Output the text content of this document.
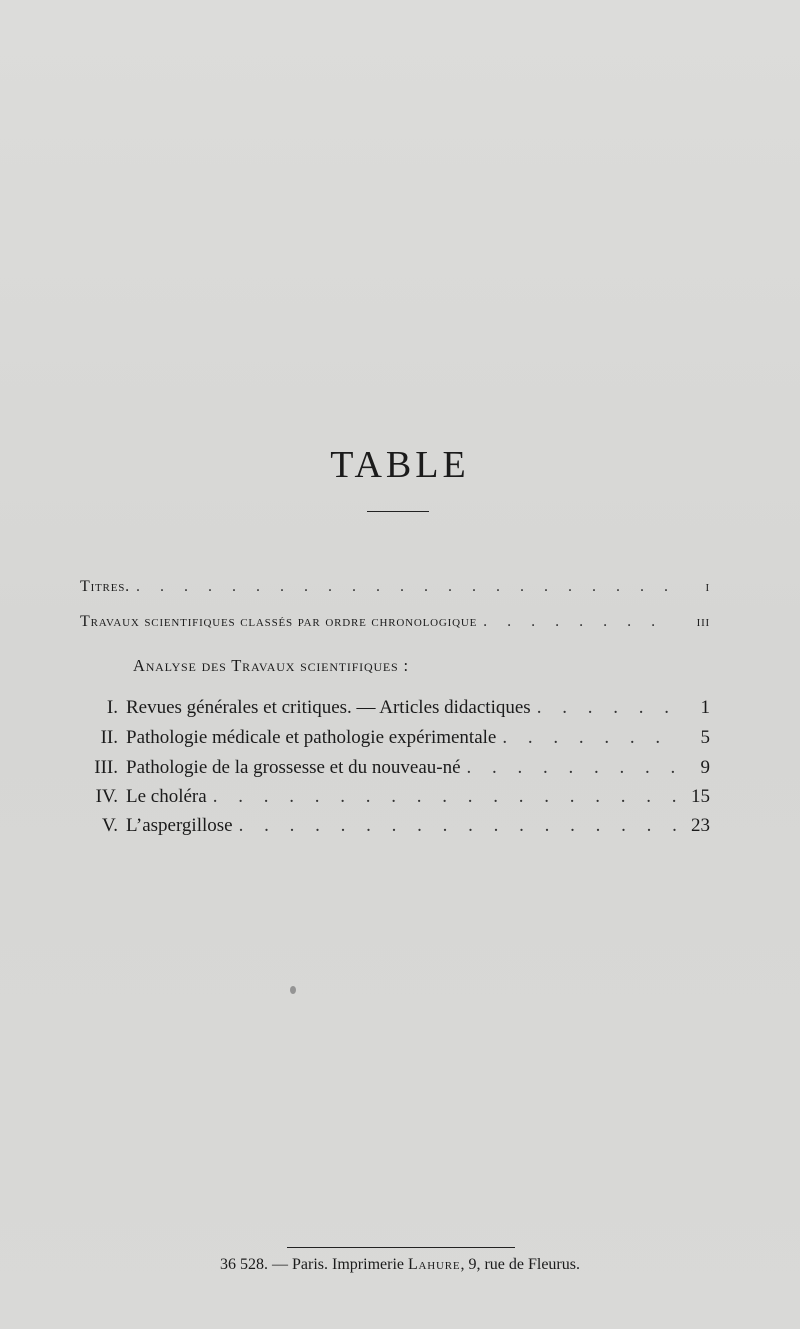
TABLE
Titres. . . .	i
Travaux scientifiques classés par ordre chronologique . . .	iii
Analyse des Travaux scientifiques :
I. Revues générales et critiques. — Articles didactiques . . .	1
II. Pathologie médicale et pathologie expérimentale . . .	5
III. Pathologie de la grossesse et du nouveau-né . . .	9
IV. Le choléra . . .	15
V. L’aspergillose . . .	23
36 528. — Paris. Imprimerie Lahure, 9, rue de Fleurus.
